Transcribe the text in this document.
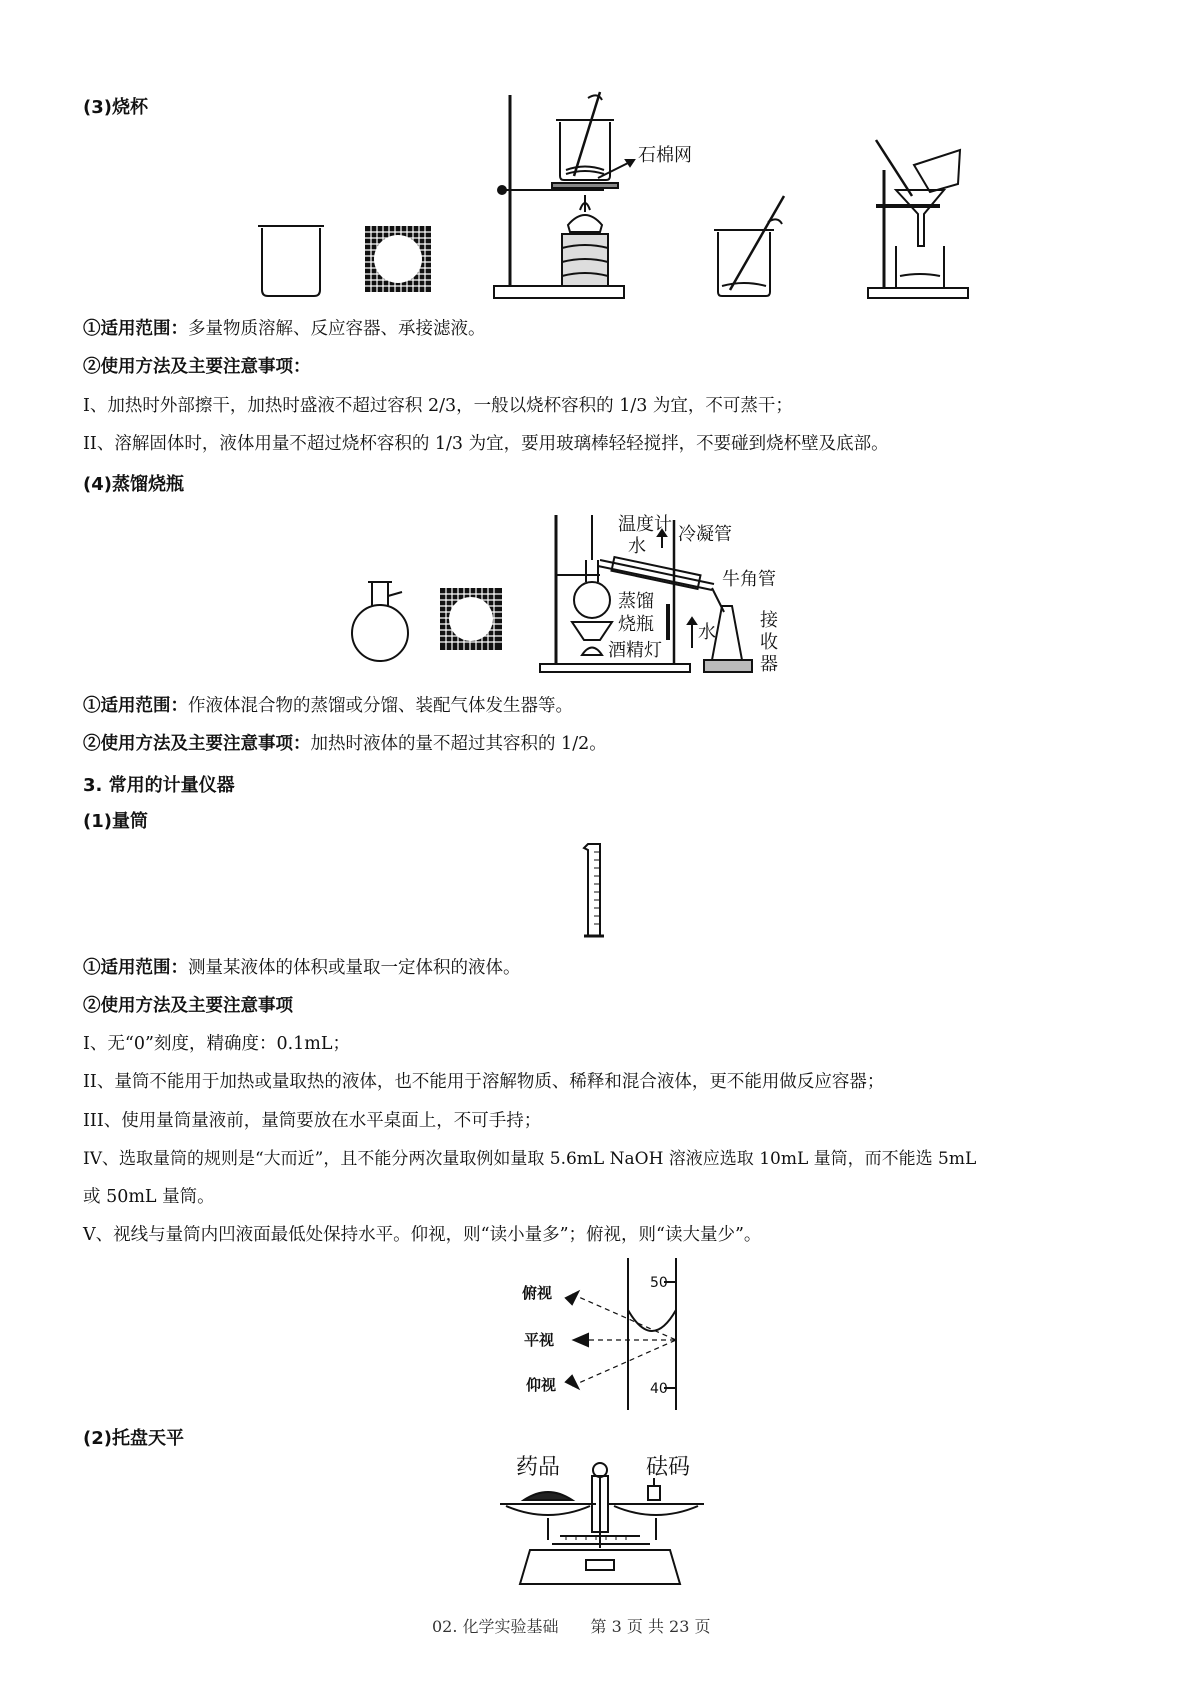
(3)烧杯
石棉网
①适用范围：多量物质溶解、反应容器、承接滤液。
②使用方法及主要注意事项：
I、加热时外部擦干，加热时盛液不超过容积 2/3，一般以烧杯容积的 1/3 为宜，不可蒸干；
II、溶解固体时，液体用量不超过烧杯容积的 1/3 为宜，要用玻璃棒轻轻搅拌，不要碰到烧杯壁及底部。
(4)蒸馏烧瓶
温度计
水
冷凝管
牛角管
蒸馏
烧瓶
酒精灯
水
接
收
器
①适用范围：作液体混合物的蒸馏或分馏、装配气体发生器等。
②使用方法及主要注意事项：加热时液体的量不超过其容积的 1/2。
3. 常用的计量仪器
(1)量筒
①适用范围：测量某液体的体积或量取一定体积的液体。
②使用方法及主要注意事项
I、无“0”刻度，精确度：0.1mL；
II、量筒不能用于加热或量取热的液体，也不能用于溶解物质、稀释和混合液体，更不能用做反应容器；
III、使用量筒量液前，量筒要放在水平桌面上，不可手持；
IV、选取量筒的规则是“大而近”，且不能分两次量取例如量取 5.6mL NaOH 溶液应选取 10mL 量筒，而不能选 5mL
或 50mL 量筒。
V、视线与量筒内凹液面最低处保持水平。仰视，则“读小量多”；俯视，则“读大量少”。
俯视
平视
仰视
50
40
(2)托盘天平
药品	砝码
02. 化学实验基础　　第 3 页 共 23 页
